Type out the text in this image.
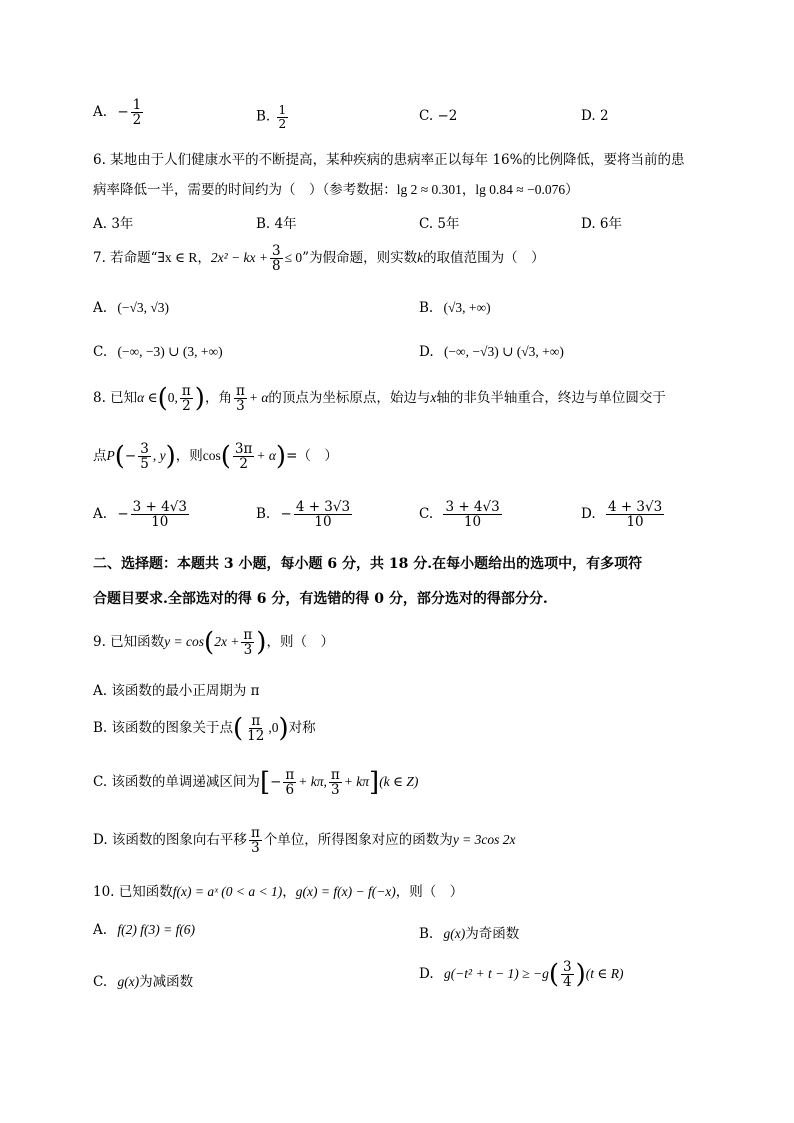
A. − $\frac{1}{2}$	B. $\frac{1}{2}$	C. −2	D. 2
6. 某地由于人们健康水平的不断提高，某种疾病的患病率正以每年 16%的比例降低，要将当前的患
病率降低一半，需要的时间约为（　）（参考数据：lg 2 ≈ 0.301，lg 0.84 ≈ −0.076）
A. 3年	B. 4年	C. 5年	D. 6年
7. 若命题“∃x ∈ R，2x² − kx + $\frac{3}{8} \le 0$”为假命题，则实数k的取值范围为（　）
A. (−√3, √3)	B. (√3, +∞)
C. (−∞, −3) ∪ (3, +∞)	D. (−∞, −√3) ∪ (√3, +∞)
8. 已知α ∈(0, $\frac{\pi}{2}$ )，角 $\frac{\pi}{3} + \alpha$的顶点为坐标原点，始边与x轴的非负半轴重合，终边与单位圆交于
点$P(- \frac{3}{5}$ , y)，则$\cos( \frac{3\pi}{2} + \alpha)=$（　）
A. − $\frac{3 + 4√3}{10}$	B. − $\frac{4 + 3√3}{10}$	C. $\frac{3 + 4√3}{10}$	D. $\frac{4 + 3√3}{10}$
二、选择题：本题共 3 小题，每小题 6 分，共 18 分.在每小题给出的选项中，有多项符
合题目要求.全部选对的得 6 分，有选错的得 0 分，部分选对的得部分分.
9. 已知函数$y = \cos(2x + \frac{\pi}{3}$ )，则（　）
A. 该函数的最小正周期为 π
B. 该函数的图象关于点( $\frac{\pi}{12} ,0$)对称
C. 该函数的单调递减区间为[− $\frac{\pi}{6} + k\pi$, $\frac{\pi}{3} + k\pi](k$ ∈ Z)
D. 该函数的图象向右平移 $\frac{\pi}{3}$ 个单位，所得图象对应的函数为y = 3cos 2x
10. 已知函数f(x) = aˣ (0 < a < 1)，g(x) = f(x) − f(−x)，则（　）
A. f(2) f(3) = f(6)	B. g(x)为奇函数
C. g(x)为减函数	D. $g(-t^2 + t - 1) \ge -g( \frac{3}{4} )(t$ ∈ R)
